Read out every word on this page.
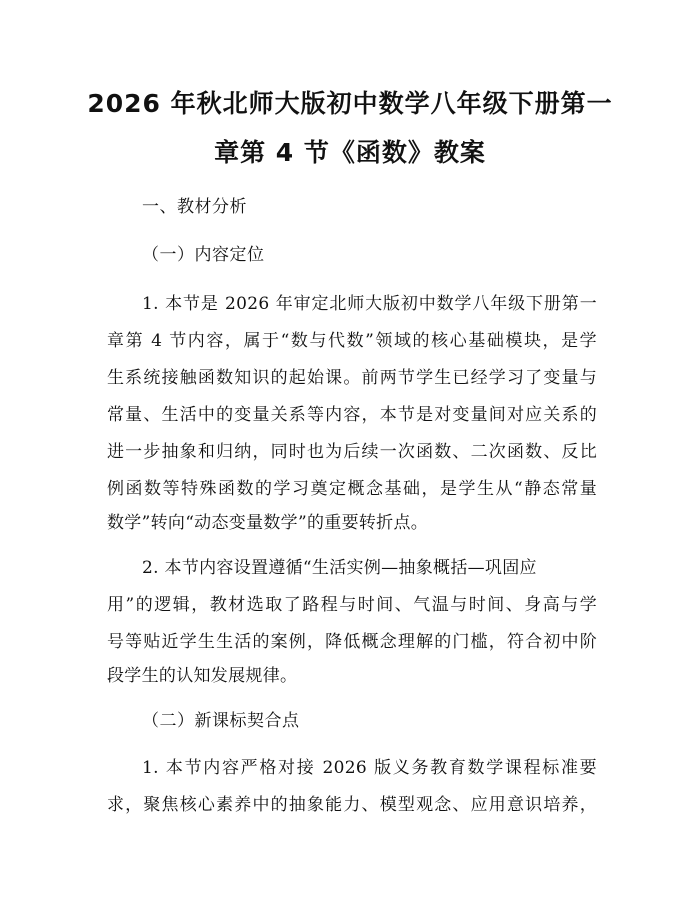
2026 年秋北师大版初中数学八年级下册第一
章第 4 节《函数》教案
一、教材分析
（一）内容定位
1. 本节是 2026 年审定北师大版初中数学八年级下册第一
章第 4 节内容，属于“数与代数”领域的核心基础模块，是学
生系统接触函数知识的起始课。前两节学生已经学习了变量与
常量、生活中的变量关系等内容，本节是对变量间对应关系的
进一步抽象和归纳，同时也为后续一次函数、二次函数、反比
例函数等特殊函数的学习奠定概念基础，是学生从“静态常量
数学”转向“动态变量数学”的重要转折点。
2. 本节内容设置遵循“生活实例—抽象概括—巩固应
用”的逻辑，教材选取了路程与时间、气温与时间、身高与学
号等贴近学生生活的案例，降低概念理解的门槛，符合初中阶
段学生的认知发展规律。
（二）新课标契合点
1. 本节内容严格对接 2026 版义务教育数学课程标准要
求，聚焦核心素养中的抽象能力、模型观念、应用意识培养，
